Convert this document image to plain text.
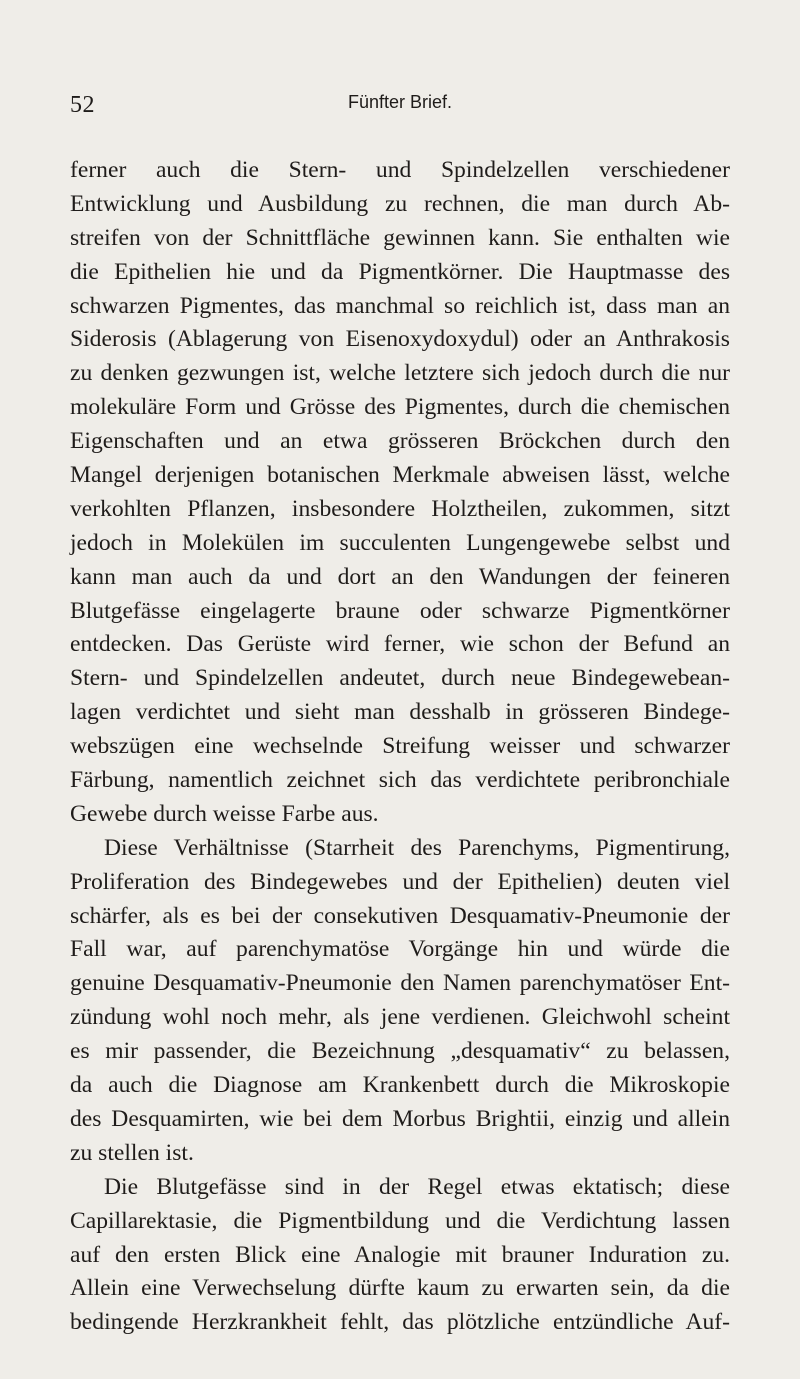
52	Fünfter Brief.
ferner auch die Stern- und Spindelzellen verschiedener
Entwicklung und Ausbildung zu rechnen, die man durch Ab-
streifen von der Schnittfläche gewinnen kann. Sie enthalten wie
die Epithelien hie und da Pigmentkörner. Die Hauptmasse des
schwarzen Pigmentes, das manchmal so reichlich ist, dass man an
Siderosis (Ablagerung von Eisenoxydoxydul) oder an Anthrakosis
zu denken gezwungen ist, welche letztere sich jedoch durch die nur
molekuläre Form und Grösse des Pigmentes, durch die chemischen
Eigenschaften und an etwa grösseren Bröckchen durch den
Mangel derjenigen botanischen Merkmale abweisen lässt, welche
verkohlten Pflanzen, insbesondere Holztheilen, zukommen, sitzt
jedoch in Molekülen im succulenten Lungengewebe selbst und
kann man auch da und dort an den Wandungen der feineren
Blutgefässe eingelagerte braune oder schwarze Pigmentkörner
entdecken. Das Gerüste wird ferner, wie schon der Befund an
Stern- und Spindelzellen andeutet, durch neue Bindegewebean-
lagen verdichtet und sieht man desshalb in grösseren Bindege-
webszügen eine wechselnde Streifung weisser und schwarzer
Färbung, namentlich zeichnet sich das verdichtete peribronchiale
Gewebe durch weisse Farbe aus.
Diese Verhältnisse (Starrheit des Parenchyms, Pigmentirung,
Proliferation des Bindegewebes und der Epithelien) deuten viel
schärfer, als es bei der consekutiven Desquamativ-Pneumonie der
Fall war, auf parenchymatöse Vorgänge hin und würde die
genuine Desquamativ-Pneumonie den Namen parenchymatöser Ent-
zündung wohl noch mehr, als jene verdienen. Gleichwohl scheint
es mir passender, die Bezeichnung „desquamativ“ zu belassen,
da auch die Diagnose am Krankenbett durch die Mikroskopie
des Desquamirten, wie bei dem Morbus Brightii, einzig und allein
zu stellen ist.
Die Blutgefässe sind in der Regel etwas ektatisch; diese
Capillarektasie, die Pigmentbildung und die Verdichtung lassen
auf den ersten Blick eine Analogie mit brauner Induration zu.
Allein eine Verwechselung dürfte kaum zu erwarten sein, da die
bedingende Herzkrankheit fehlt, das plötzliche entzündliche Auf-
